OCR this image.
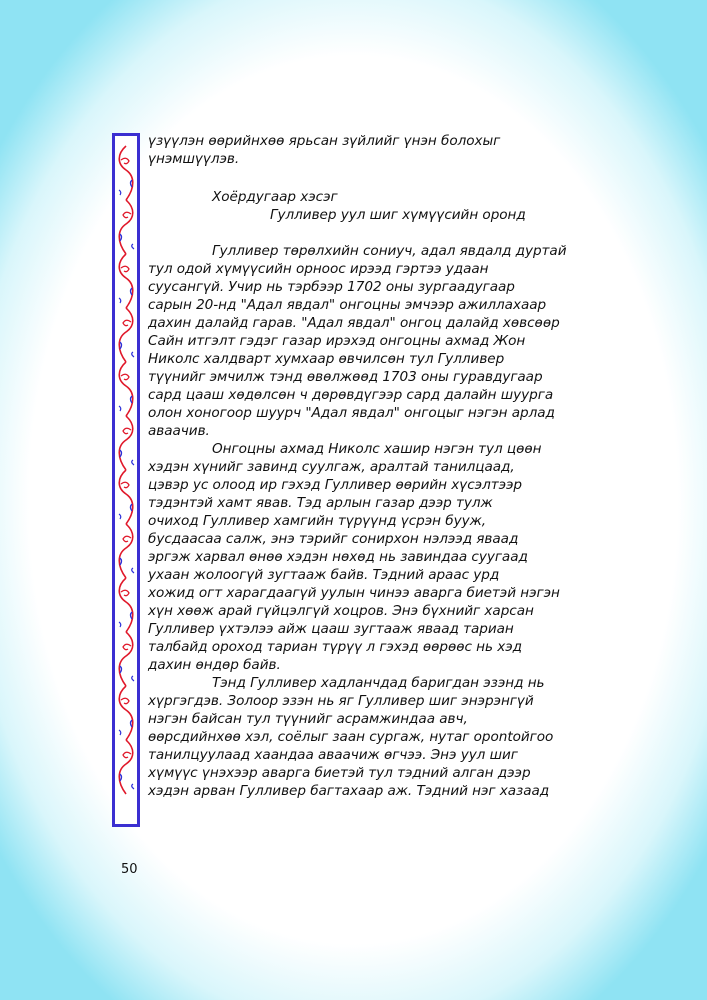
үзүүлэн өөрийнхөө ярьсан зүйлийг үнэн болохыг

үнэмшүүлэв.

Хоёрдугаар хэсэг

Гулливер уул шиг хүмүүсийн оронд

Гулливер төрөлхийн сониуч, адал явдалд дуртай

тул одой хүмүүсийн орноос ирээд гэртээ удаан

суусангүй. Учир нь тэрбээр 1702 оны зургаадугаар

сарын 20-нд "Адал явдал" онгоцны эмчээр ажиллахаар

дахин далайд гарав. "Адал явдал" онгоц далайд хөвсөөр

Сайн итгэлт гэдэг газар ирэхэд онгоцны ахмад Жон

Николс халдварт хумхаар өвчилсөн тул Гулливер

түүнийг эмчилж тэнд өвөлжөөд 1703 оны гуравдугаар

сард цааш хөдөлсөн ч дөрөвдүгээр сард далайн шуурга

олон хоногоор шуурч "Адал явдал" онгоцыг нэгэн арлад

аваачив.

Онгоцны ахмад Николс хашир нэгэн тул цөөн

хэдэн хүнийг завинд суулгаж, аралтай танилцаад,

цэвэр ус олоод ир гэхэд Гулливер өөрийн хүсэлтээр

тэдэнтэй хамт явав. Тэд арлын газар дээр тулж

очиход Гулливер хамгийн түрүүнд үсрэн бууж,

бусдаасаа салж, энэ тэрийг сонирхон нэлээд яваад

эргэж харвал өнөө хэдэн нөхөд нь завиндаа суугаад

ухаан жолоогүй зугтааж байв. Тэдний араас урд

хожид огт харагдаагүй уулын чинээ аварга биетэй нэгэн

хүн хөөж арай гүйцэлгүй хоцров. Энэ бүхнийг харсан

Гулливер үхтэлээ айж цааш зугтааж яваад тариан

талбайд ороход тариан түрүү л гэхэд өөрөөс нь хэд

дахин өндөр байв.

Тэнд Гулливер хадланчдад баригдан эзэнд нь

хүргэгдэв. Золоор эзэн нь яг Гулливер шиг энэрэнгүй

нэгэн байсан тул түүнийг асрамжиндаа авч,

өөрсдийнхөө хэл, соёлыг заан сургаж, нутаг орontойгоо

танилцуулаад хаандаа аваачиж өгчээ. Энэ уул шиг

хүмүүс үнэхээр аварга биетэй тул тэдний алган дээр

хэдэн арван Гулливер багтахаар аж. Тэдний нэг хазаад

50
